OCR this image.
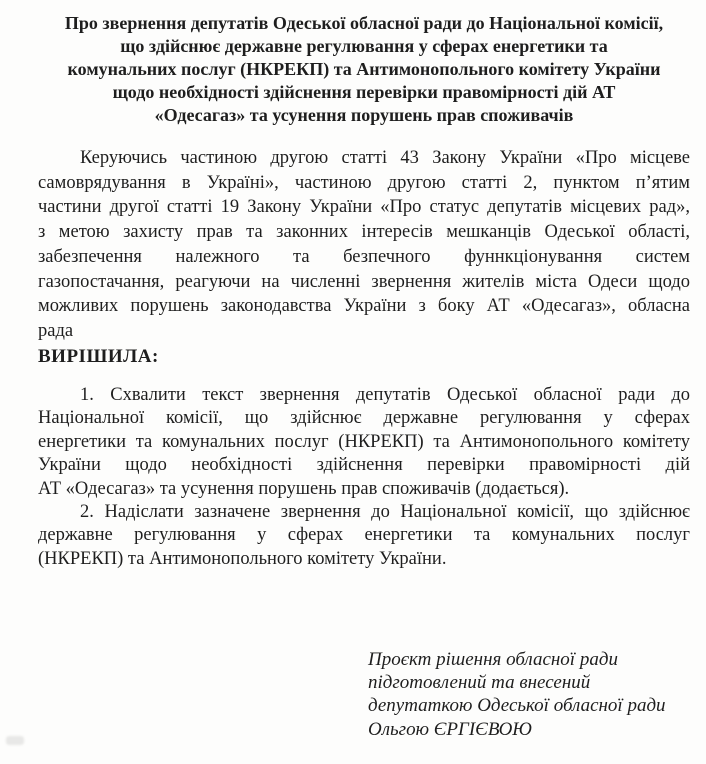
Про звернення депутатів Одеської обласної ради до Національної комісії,
що здійснює державне регулювання у сферах енергетики та
комунальних послуг (НКРЕКП) та Антимонопольного комітету України
щодо необхідності здійснення перевірки правомірності дій АТ
«Одесагаз» та усунення порушень прав споживачів
Керуючись частиною другою статті 43 Закону України «Про місцеве
самоврядування в Україні», частиною другою статті 2, пунктом п’ятим
частини другої статті 19 Закону України «Про статус депутатів місцевих рад»,
з метою захисту прав та законних інтересів мешканців Одеської області,
забезпечення належного та безпечного фуннкціонування систем
газопостачання, реагуючи на численні звернення жителів міста Одеси щодо
можливих порушень законодавства України з боку АТ «Одесагаз», обласна
рада
ВИРІШИЛА:
1. Схвалити текст звернення депутатів Одеської обласної ради до
Національної комісії, що здійснює державне регулювання у сферах
енергетики та комунальних послуг (НКРЕКП) та Антимонопольного комітету
України щодо необхідності здійснення перевірки правомірності дій
АТ «Одесагаз» та усунення порушень прав споживачів (додається).
2. Надіслати зазначене звернення до Національної комісії, що здійснює
державне регулювання у сферах енергетики та комунальних послуг
(НКРЕКП) та Антимонопольного комітету України.
Проєкт рішення обласної ради
підготовлений та внесений
депутаткою Одеської обласної ради
Ольгою ЄРГІЄВОЮ
